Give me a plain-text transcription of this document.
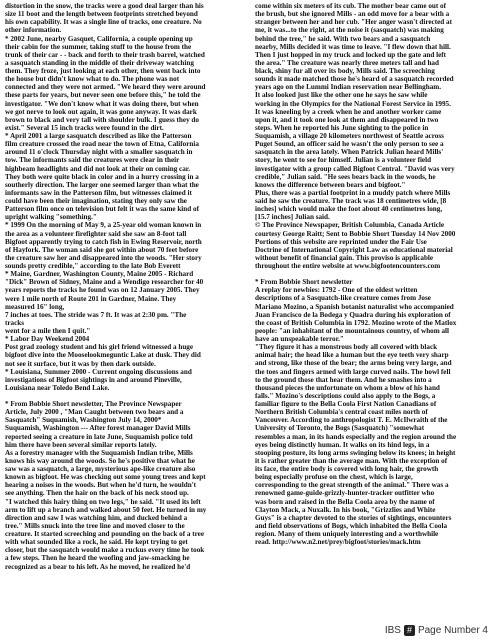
distortion in the snow, the tracks were a good deal larger than his
size 11 boot and the length between footprints stretched beyond
his own capability. It was a single line of tracks, one creature. No
other information.
* 2002 June, nearby Gasquet, California, a couple opening up
their cabin for the summer, taking stuff to the house from the
trunk of their car - - back and forth to their trash barrel, watched
a sasquatch standing in the middle of their driveway watching
them. They froze, just looking at each other, then went back into
the house but didn't know what to do. The phone was not
connected and they were not armed. "We heard they were around
these parts for years, but never seen one before this," he told the
investigator. "We don't know what it was doing there, but when
we got nerve to look out again, it was gone anyway. It was dark
brown to black and very tall with shoulder bulk. I guess they do
exist." Several 15 inch tracks were found in the dirt.
* April 2001 a large sasquatch described as like the Patterson
film creature crossed the road near the town of Etna, California
around 11 o'clock Thursday night with a smaller sasquatch in
tow. The informants said the creatures were clear in their
highbeam headlights and did not look at their on coming car.
They both were quite black in color and in a hurry crossing in a
southerly direction. The larger one seemed larger than what the
informants saw in the Patterson film, but witnesses claimed it
could have been their imagination, stating they only saw the
Patterson film once on television but felt it was the same kind of
upright walking "something."
* 1999 On the morning of May 9, a 25-year old woman known in
the area as a volunteer firefighter said she saw an 8-foot tall
Bigfoot apparently trying to catch fish in Ewing Reservoir, north
of Hayfork. The woman said she got within about 70 feet before
the creature saw her and disappeared into the woods. "Her story
sounds pretty credible," according to the late Bob Everett
* Maine, Gardner, Washington County, Maine 2005 - Richard
"Dick" Brown of Sidney, Maine and a Wendigo researcher for 40
years reports the tracks he found was on 12 January 2005. They
were 1 mile north of Route 201 in Gardner, Maine. They
measured 16" long,
7 inches at toes. The stride was 7 ft. It was at 2:30 pm. "The
tracks
went for a mile then I quit."
* Labor Day Weekend 2004
Post grad zoology student and his girl friend witnessed a huge
bigfoot dive into the Mooselookmeguntic Lake at dusk. They did
not see it surface, but it was by then dark outside.
* Louisiana, Summer 2000 - Current ongoing discussions and
investigations of Bigfoot sightings in and around Pineville,
Louisiana near Toledo Bend Lake.
* From Bobbie Short newsletter, The Province Newspaper
Article, July 2000 , "Man Caught between two bears and a
Sasquatch" Suquamish, Washington July 14, 2000*
Suquamish, Washington --- After forest manager David Mills
reported seeing a creature in late June, Suquamish police told
him there have been several similar reports lately.
As a forestry manager with the Suquamish Indian tribe, Mills
knows his way around the woods. So he's positive that what he
saw was a sasquatch, a large, mysterious ape-like creature also
known as bigfoot. He was checking out some young trees and kept
hearing a noises in the woods. But when he'd turn, he wouldn't
see anything. Then the hair on the back of his neck stood up.
"I watched this hairy thing on two legs," he said. "It used its left
arm to lift up a branch and walked about 50 feet. He turned in my
direction and saw I was watching him, and ducked behind a
tree." Mills snuck into the tree line and moved closer to the
creature. It started screeching and pounding on the back of a tree
with what sounded like a rock, he said. He kept trying to get
closer, but the sasquatch would make a ruckus every time he took
a few steps. Then he heard the woofing and jaw-smacking he
recognized as a bear to his left. As he moved, he realized he'd
come within six meters of its cub. The mother bear came out of
the brush, but she ignored Mills - an odd move for a bear with a
stranger between her and her cub. "Her anger wasn't directed at
me, it was...to the right, at the noise it (sasquatch) was making
behind the tree," he said. With two bears and a sasquatch
nearby, Mills decided it was time to leave. "I flew down that hill.
Then I just hopped in my truck and locked up the gate and left
the area." The creature was nearly three meters tall and had
black, shiny fur all over its body, Mills said. The screeching
sounds it made matched those he's heard of a sasquatch recorded
years ago on the Lummi Indian reservation near Bellingham.
It also looked just like the other one he says he saw while
working in the Olympics for the National Forest Service in 1995.
It was kneeling by a creek when he and another worker came
upon it, and it took one look at them and disappeared in two
steps. When he reported his June sighting to the police in
Suquamish, a village 20 kilometers northwest of Seattle across
Puget Sound, an officer said he wasn't the only person to see a
sasquatch in the area lately. When Patrick Julian heard Mills'
story, he went to see for himself. Julian is a volunteer field
investigator with a group called Bigfoot Central. "David was very
credible," Julian said. "He sees bears back in the woods, he
knows the difference between bears and bigfoot."
Plus, there was a partial footprint in a muddy patch where Mills
said he saw the creature. The track was 18 centimetres wide, [8
inches] which would make the foot about 40 centimetres long,
[15.7 inches] Julian said.
© The Province Newspaper, British Columbia, Canada Article
courtesy George Raitt; Sent to Bobbie Short Tuesday 14 Nov 2000
Portions of this website are reprinted under the Fair Use
Doctrine of International Copyright Law as educational material
without benefit of financial gain. This proviso is applicable
throughout the entire website at www.bigfootencounters.com
* From Bobbie Short newsletter
A replay for newbies: 1792 - One of the oldest written
descriptions of a Sasquatch-like creature comes from Jose
Mariano Mozino, a Spanish botanist naturalist who accompanied
Juan Francisco de la Bodega y Quadra during his exploration of
the coast of British Columbia in 1792. Mozino wrote of the Matlox
people: "an inhabitant of the mountainous country, of whom all
have an unspeakable terror."
"They figure it has a monstrous body all covered with black
animal hair; the head like a human but the eye teeth very sharp
and strong, like those of the bear; the arms being very large, and
the toes and fingers armed with large curved nails. The howl fell
to the ground those that hear them. And he smashes into a
thousand pieces the unfortunate on whom a blow of his hand
falls." Mozino's descriptions could also apply to the Bogs, a
familiar figure to the Bella Coola First Nation Canadians of
Northern British Columbia's central coast miles north of
Vancouver. According to anthropologist T. E. McIlwraith of the
University of Toronto, the Bogs (Sasquatch) "somewhat
resembles a man, in its hands especially and the region around the
eyes being distinctly human. It walks on its hind legs, in a
stooping posture, its long arms swinging below its knees; in height
it is rather greater than the average man. With the exception of
its face, the entire body is covered with long hair, the growth
being especially profuse on the chest, which is large,
corresponding to the great strength of the animal." There was a
renowned game-guide-grizzly-hunter-tracker outfitter who
was born and raised in the Bella Coola area by the name of
Clayton Mack, a Nuxalk. In his book, "Grizzlies and White
Guys" is a chapter devoted to the stories of sightings, encounters
and field observations of Bogs, which inhabited the Bella Coola
region. Many of them uniquely interesting and a worthwhile
read. http://www.n2.net/prey/bigfoot/stories/mack.htm
IBS # Page Number 4
